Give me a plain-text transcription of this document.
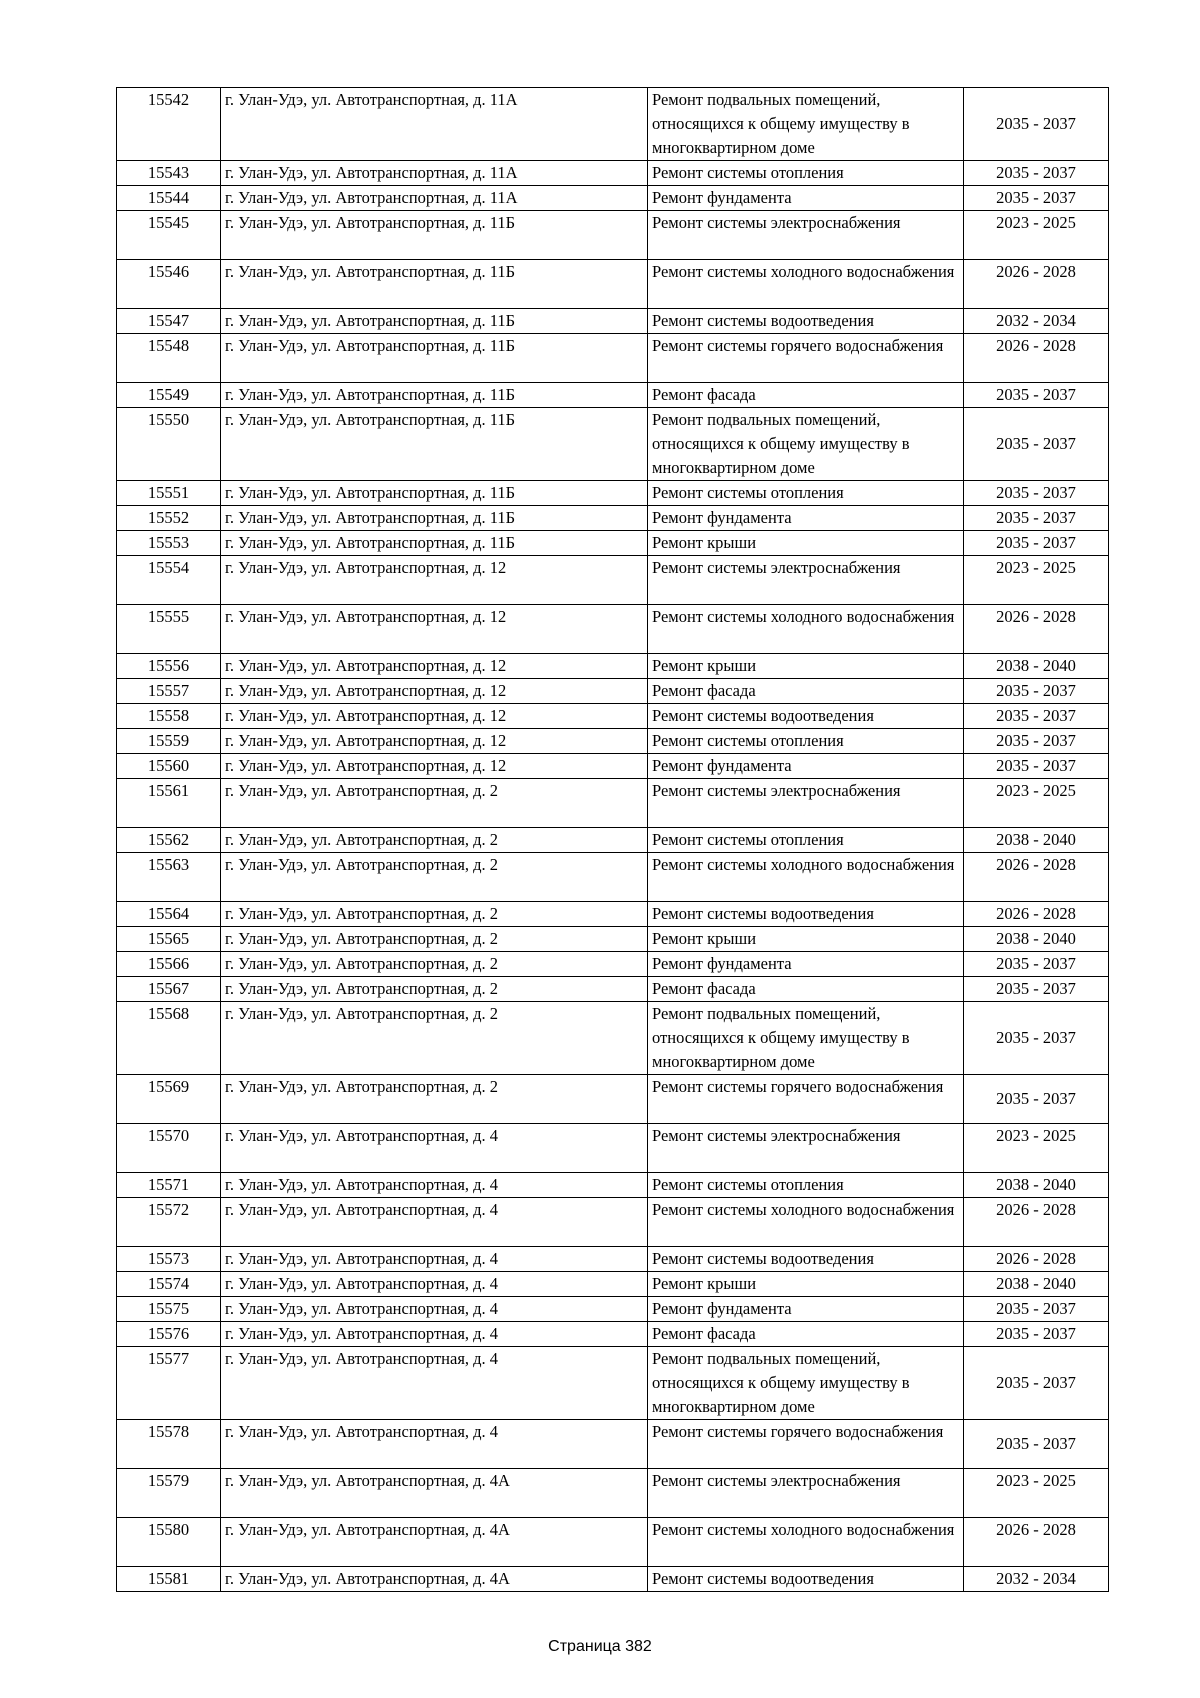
15542	г. Улан-Удэ, ул. Автотранспортная, д. 11А	Ремонт подвальных помещений, относящихся к общему имуществу в многоквартирном доме	2035 - 2037
15543	г. Улан-Удэ, ул. Автотранспортная, д. 11А	Ремонт системы отопления	2035 - 2037
15544	г. Улан-Удэ, ул. Автотранспортная, д. 11А	Ремонт фундамента	2035 - 2037
15545	г. Улан-Удэ, ул. Автотранспортная, д. 11Б	Ремонт системы электроснабжения	2023 - 2025
15546	г. Улан-Удэ, ул. Автотранспортная, д. 11Б	Ремонт системы холодного водоснабжения	2026 - 2028
15547	г. Улан-Удэ, ул. Автотранспортная, д. 11Б	Ремонт системы водоотведения	2032 - 2034
15548	г. Улан-Удэ, ул. Автотранспортная, д. 11Б	Ремонт системы горячего водоснабжения	2026 - 2028
15549	г. Улан-Удэ, ул. Автотранспортная, д. 11Б	Ремонт фасада	2035 - 2037
15550	г. Улан-Удэ, ул. Автотранспортная, д. 11Б	Ремонт подвальных помещений, относящихся к общему имуществу в многоквартирном доме	2035 - 2037
15551	г. Улан-Удэ, ул. Автотранспортная, д. 11Б	Ремонт системы отопления	2035 - 2037
15552	г. Улан-Удэ, ул. Автотранспортная, д. 11Б	Ремонт фундамента	2035 - 2037
15553	г. Улан-Удэ, ул. Автотранспортная, д. 11Б	Ремонт крыши	2035 - 2037
15554	г. Улан-Удэ, ул. Автотранспортная, д. 12	Ремонт системы электроснабжения	2023 - 2025
15555	г. Улан-Удэ, ул. Автотранспортная, д. 12	Ремонт системы холодного водоснабжения	2026 - 2028
15556	г. Улан-Удэ, ул. Автотранспортная, д. 12	Ремонт крыши	2038 - 2040
15557	г. Улан-Удэ, ул. Автотранспортная, д. 12	Ремонт фасада	2035 - 2037
15558	г. Улан-Удэ, ул. Автотранспортная, д. 12	Ремонт системы водоотведения	2035 - 2037
15559	г. Улан-Удэ, ул. Автотранспортная, д. 12	Ремонт системы отопления	2035 - 2037
15560	г. Улан-Удэ, ул. Автотранспортная, д. 12	Ремонт фундамента	2035 - 2037
15561	г. Улан-Удэ, ул. Автотранспортная, д. 2	Ремонт системы электроснабжения	2023 - 2025
15562	г. Улан-Удэ, ул. Автотранспортная, д. 2	Ремонт системы отопления	2038 - 2040
15563	г. Улан-Удэ, ул. Автотранспортная, д. 2	Ремонт системы холодного водоснабжения	2026 - 2028
15564	г. Улан-Удэ, ул. Автотранспортная, д. 2	Ремонт системы водоотведения	2026 - 2028
15565	г. Улан-Удэ, ул. Автотранспортная, д. 2	Ремонт крыши	2038 - 2040
15566	г. Улан-Удэ, ул. Автотранспортная, д. 2	Ремонт фундамента	2035 - 2037
15567	г. Улан-Удэ, ул. Автотранспортная, д. 2	Ремонт фасада	2035 - 2037
15568	г. Улан-Удэ, ул. Автотранспортная, д. 2	Ремонт подвальных помещений, относящихся к общему имуществу в многоквартирном доме	2035 - 2037
15569	г. Улан-Удэ, ул. Автотранспортная, д. 2	Ремонт системы горячего водоснабжения	2035 - 2037
15570	г. Улан-Удэ, ул. Автотранспортная, д. 4	Ремонт системы электроснабжения	2023 - 2025
15571	г. Улан-Удэ, ул. Автотранспортная, д. 4	Ремонт системы отопления	2038 - 2040
15572	г. Улан-Удэ, ул. Автотранспортная, д. 4	Ремонт системы холодного водоснабжения	2026 - 2028
15573	г. Улан-Удэ, ул. Автотранспортная, д. 4	Ремонт системы водоотведения	2026 - 2028
15574	г. Улан-Удэ, ул. Автотранспортная, д. 4	Ремонт крыши	2038 - 2040
15575	г. Улан-Удэ, ул. Автотранспортная, д. 4	Ремонт фундамента	2035 - 2037
15576	г. Улан-Удэ, ул. Автотранспортная, д. 4	Ремонт фасада	2035 - 2037
15577	г. Улан-Удэ, ул. Автотранспортная, д. 4	Ремонт подвальных помещений, относящихся к общему имуществу в многоквартирном доме	2035 - 2037
15578	г. Улан-Удэ, ул. Автотранспортная, д. 4	Ремонт системы горячего водоснабжения	2035 - 2037
15579	г. Улан-Удэ, ул. Автотранспортная, д. 4А	Ремонт системы электроснабжения	2023 - 2025
15580	г. Улан-Удэ, ул. Автотранспортная, д. 4А	Ремонт системы холодного водоснабжения	2026 - 2028
15581	г. Улан-Удэ, ул. Автотранспортная, д. 4А	Ремонт системы водоотведения	2032 - 2034
Страница 382
